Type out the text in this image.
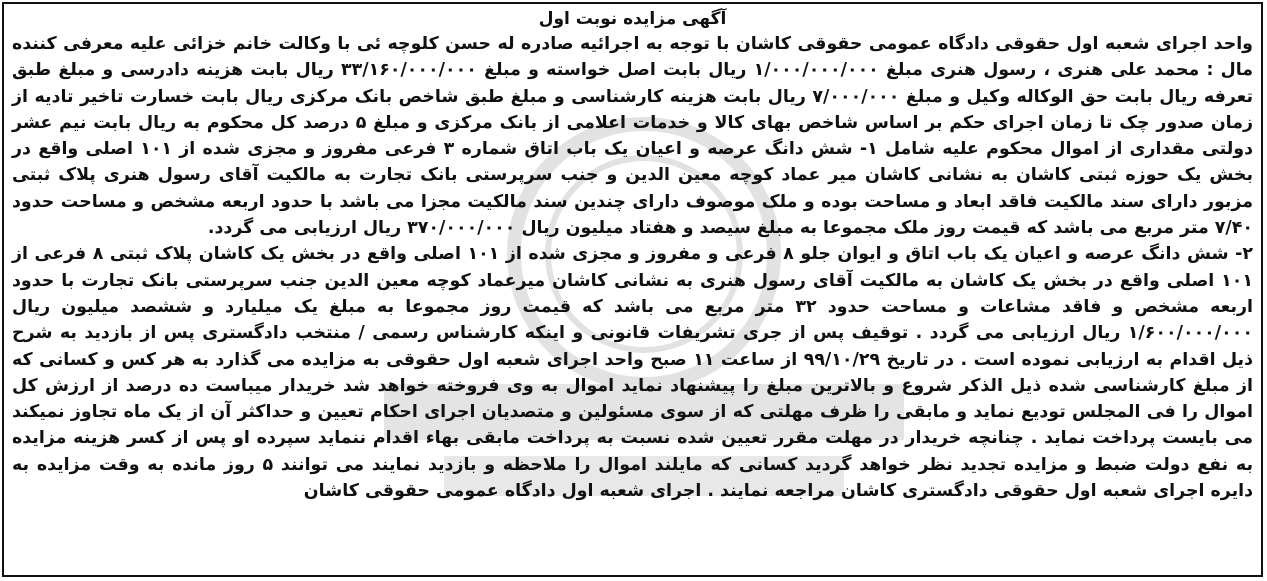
آگهی مزایده نوبت اول

واحد اجرای شعبه اول حقوقی دادگاه عمومی حقوقی کاشان با توجه به اجرائیه صادره له حسن کلوچه ئی با وکالت خانم خزائی علیه معرفی کننده مال : محمد علی هنری ، رسول هنری مبلغ ۱/۰۰۰/۰۰۰/۰۰۰ ریال بابت اصل خواسته و مبلغ ۳۳/۱۶۰/۰۰۰/۰۰۰ ریال بابت هزینه دادرسی و مبلغ طبق تعرفه ریال بابت حق الوکاله وکیل و مبلغ ۷/۰۰۰/۰۰۰ ریال بابت هزینه کارشناسی و مبلغ طبق شاخص بانک مرکزی ریال بابت خسارت تاخیر تادیه از زمان صدور چک تا زمان اجرای حکم بر اساس شاخص بهای کالا و خدمات اعلامی از بانک مرکزی و مبلغ ۵ درصد کل محکوم به ریال بابت نیم عشر دولتی مقداری از اموال محکوم علیه شامل ۱- شش دانگ عرصه و اعیان یک باب اتاق شماره ۳ فرعی مفروز و مجزی شده از ۱۰۱ اصلی واقع در بخش یک حوزه ثبتی کاشان به نشانی کاشان میر عماد کوچه معین الدین و جنب سرپرستی بانک تجارت به مالکیت آقای رسول هنری پلاک ثبتی مزبور دارای سند مالکیت فاقد ابعاد و مساحت بوده و ملک موصوف دارای چندین سند مالکیت مجزا می باشد با حدود اربعه مشخص و مساحت حدود ۷/۴۰ متر مربع می باشد که قیمت روز ملک مجموعا به مبلغ سیصد و هفتاد میلیون ریال ۳۷۰/۰۰۰/۰۰۰ ریال ارزیابی می گردد.

۲- شش دانگ عرصه و اعیان یک باب اتاق و ایوان جلو ۸ فرعی و مفروز و مجزی شده از ۱۰۱ اصلی واقع در بخش یک کاشان پلاک ثبتی ۸ فرعی از ۱۰۱ اصلی واقع در بخش یک کاشان به مالکیت آقای رسول هنری به نشانی کاشان میرعماد کوچه معین الدین جنب سرپرستی بانک تجارت با حدود اربعه مشخص و فاقد مشاعات و مساحت حدود ۳۲ متر مربع می باشد که قیمت روز مجموعا به مبلغ یک میلیارد و ششصد میلیون ریال ۱/۶۰۰/۰۰۰/۰۰۰ ریال ارزیابی می گردد . توقیف پس از جری تشریفات قانونی و اینکه کارشناس رسمی / منتخب دادگستری پس از بازدید به شرح ذیل اقدام به ارزیابی نموده است . در تاریخ ۹۹/۱۰/۲۹ از ساعت ۱۱ صبح واحد اجرای شعبه اول حقوقی به مزایده می گذارد به هر کس و کسانی که از مبلغ کارشناسی شده ذیل الذکر شروع و بالاترین مبلغ را پیشنهاد نماید اموال به وی فروخته خواهد شد خریدار میباست ده درصد از ارزش کل اموال را فی المجلس تودیع نماید و مابقی را ظرف مهلتی که از سوی مسئولین و متصدیان اجرای احکام تعیین و حداکثر آن از یک ماه تجاوز نمیکند می بایست پرداخت نماید . چنانچه خریدار در مهلت مقرر تعیین شده نسبت به پرداخت مابقی بهاء اقدام ننماید سپرده او پس از کسر هزینه مزایده به نفع دولت ضبط و مزایده تجدید نظر خواهد گردید کسانی که مایلند اموال را ملاحظه و بازدید نمایند می توانند ۵ روز مانده به وقت مزایده به دایره اجرای شعبه اول حقوقی دادگستری کاشان مراجعه نمایند . اجرای شعبه اول دادگاه عمومی حقوقی کاشان
